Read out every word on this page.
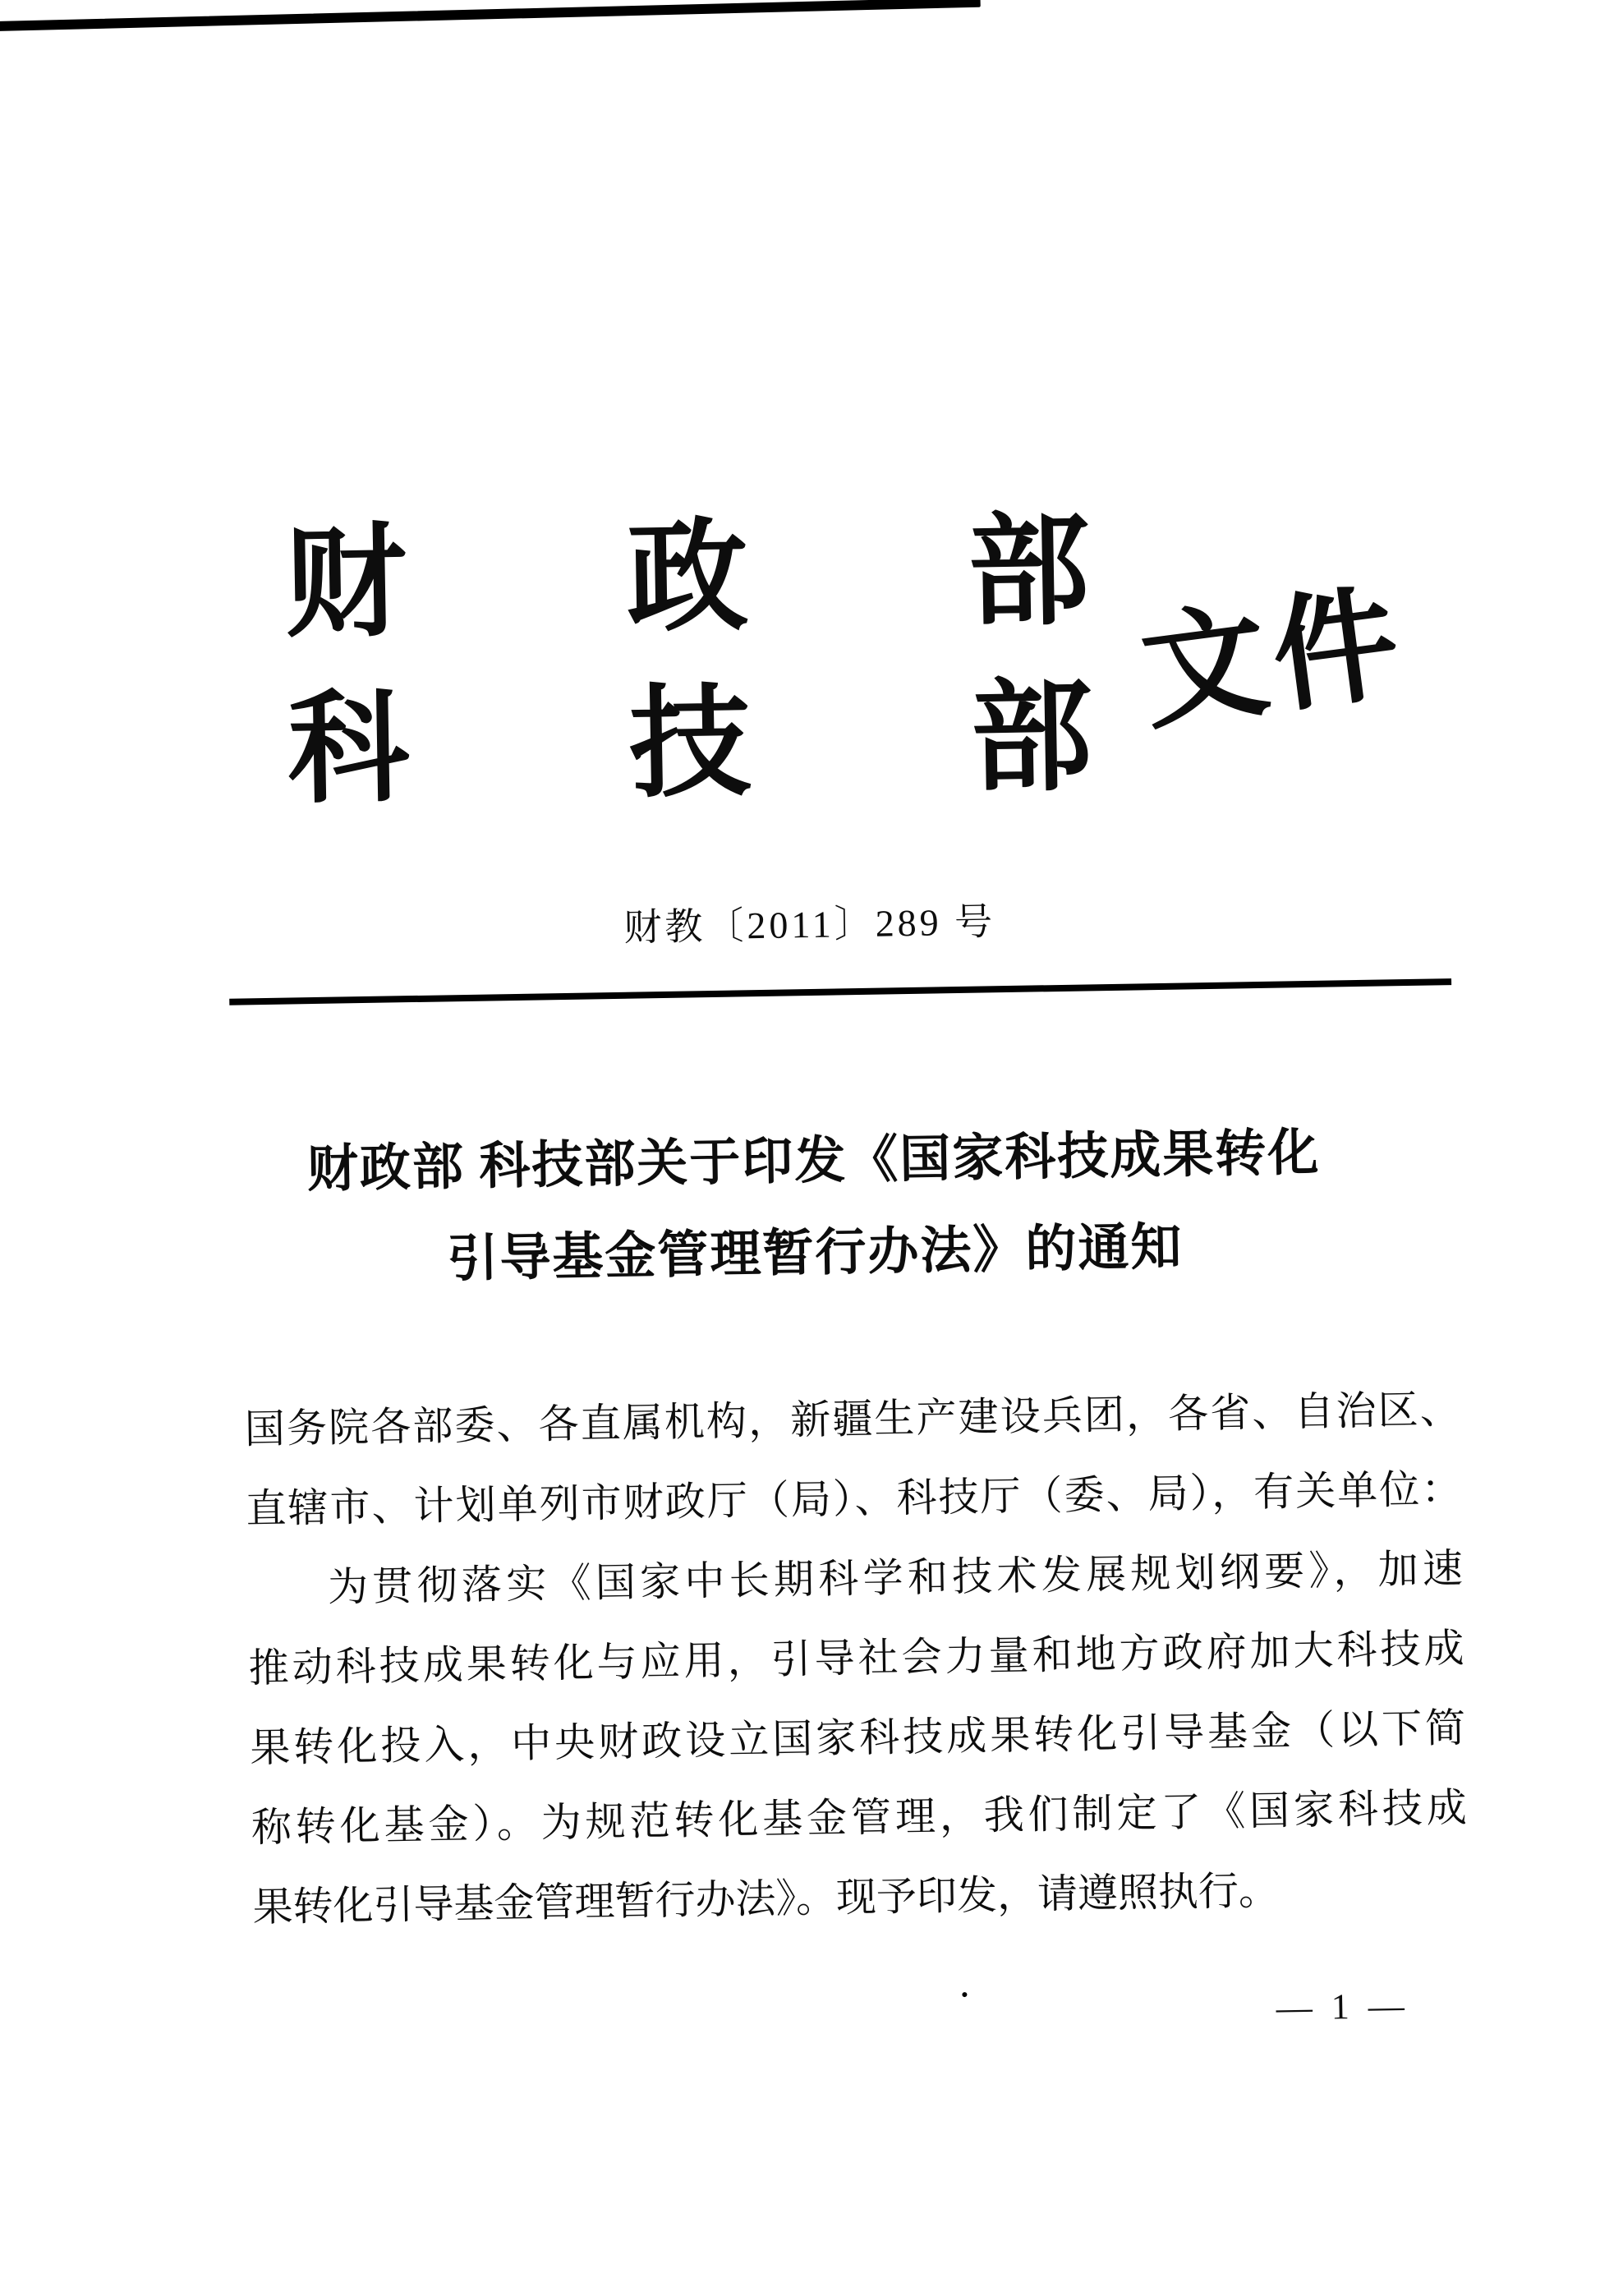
财 政 部
科 技 部 文件
财教〔2011〕289 号
财政部 科技部关于印发《国家科技成果转化
引导基金管理暂行办法》的通知
国务院各部委、各直属机构，新疆生产建设兵团，各省、自治区、
直辖市、计划单列市财政厅（局）、科技厅（委、局），有关单位：
为贯彻落实《国家中长期科学和技术发展规划纲要》，加速
推动科技成果转化与应用，引导社会力量和地方政府加大科技成
果转化投入，中央财政设立国家科技成果转化引导基金（以下简
称转化基金）。为规范转化基金管理，我们制定了《国家科技成
果转化引导基金管理暂行办法》。现予印发，请遵照执行。
— 1 —
